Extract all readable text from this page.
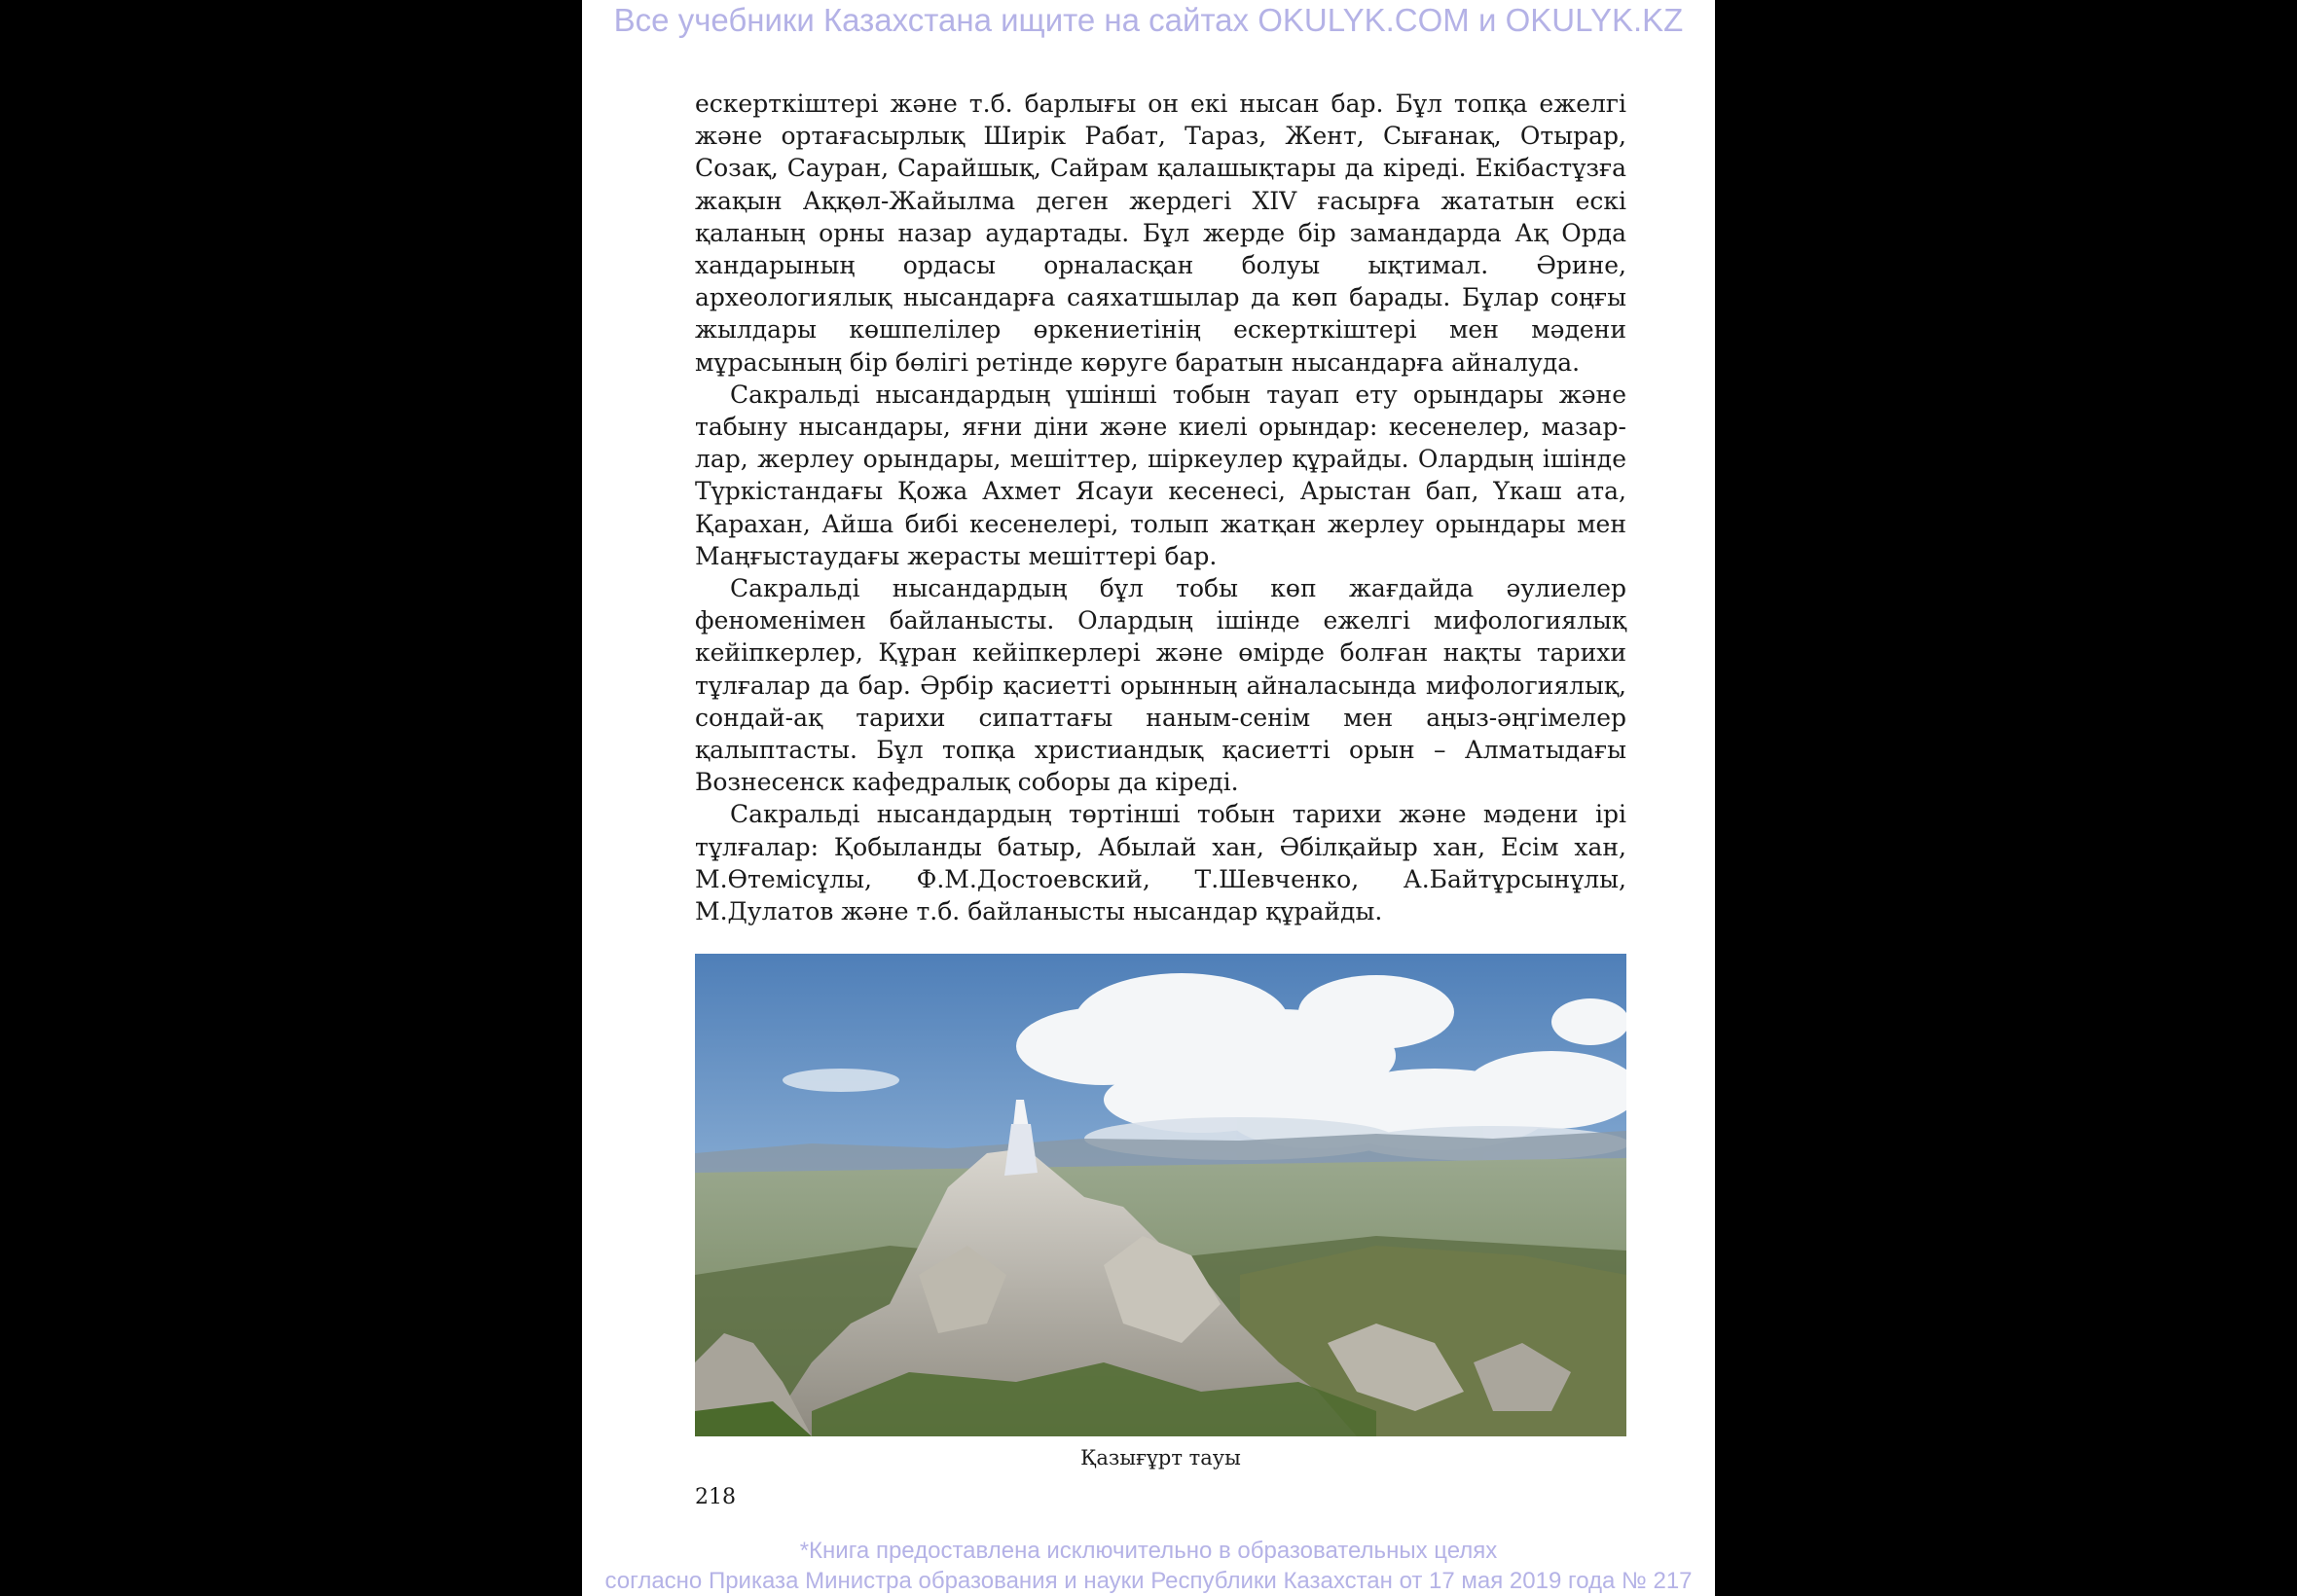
Все учебники Казахстана ищите на сайтах OKULYK.COM и OKULYK.KZ

ескерткіштері және т.б. барлығы он екі нысан бар. Бұл топқа ежелгі және ортағасырлық Ширік Рабат, Тараз, Жент, Сығанақ, Отырар, Созақ, Сауран, Сарайшық, Сайрам қалашықтары да кіреді. Екібастұзға жақын Аққөл-Жайылма деген жердегі XIV ғасырға жататын ескі қаланың орны назар аудартады. Бұл жерде бір замандарда Ақ Орда хандарының ордасы орналасқан болуы ықтимал. Әрине, археологиялық нысандарға саяхатшылар да көп барады. Бұлар соңғы жылдары көшпелілер өркениетінің ескерткіштері мен мәдени мұрасының бір бөлігі ретінде көруге баратын нысандарға айналуда.

Сакральді нысандардың үшінші тобын тауап ету орындары және табыну нысандары, яғни діни және киелі орындар: кесенелер, мазарлар, жерлеу орындары, мешіттер, шіркеулер құрайды. Олардың ішінде Түркістандағы Қожа Ахмет Ясауи кесенесі, Арыстан бап, Үкаш ата, Қарахан, Айша бибі кесенелері, толып жатқан жерлеу орындары мен Маңғыстаудағы жерасты мешіттері бар.

Сакральді нысандардың бұл тобы көп жағдайда әулиелер феноменімен байланысты. Олардың ішінде ежелгі мифологиялық кейіпкерлер, Құран кейіпкерлері және өмірде болған нақты тарихи тұлғалар да бар. Әрбір қасиетті орынның айналасында мифологиялық, сондай-ақ тарихи сипаттағы наным-сенім мен аңыз-әңгімелер қалыптасты. Бұл топқа христиандық қасиетті орын – Алматыдағы Вознесенск кафедралық соборы да кіреді.

Сакральді нысандардың төртінші тобын тарихи және мәдени ірі тұлғалар: Қобыланды батыр, Абылай хан, Әбілқайыр хан, Есім хан, М.Өтемісұлы, Ф.М.Достоевский, Т.Шевченко, А.Байтұрсынұлы, М.Дулатов және т.б. байланысты нысандар құрайды.

Қазығұрт тауы
218
*Книга предоставлена исключительно в образовательных целях
согласно Приказа Министра образования и науки Республики Казахстан от 17 мая 2019 года № 217
